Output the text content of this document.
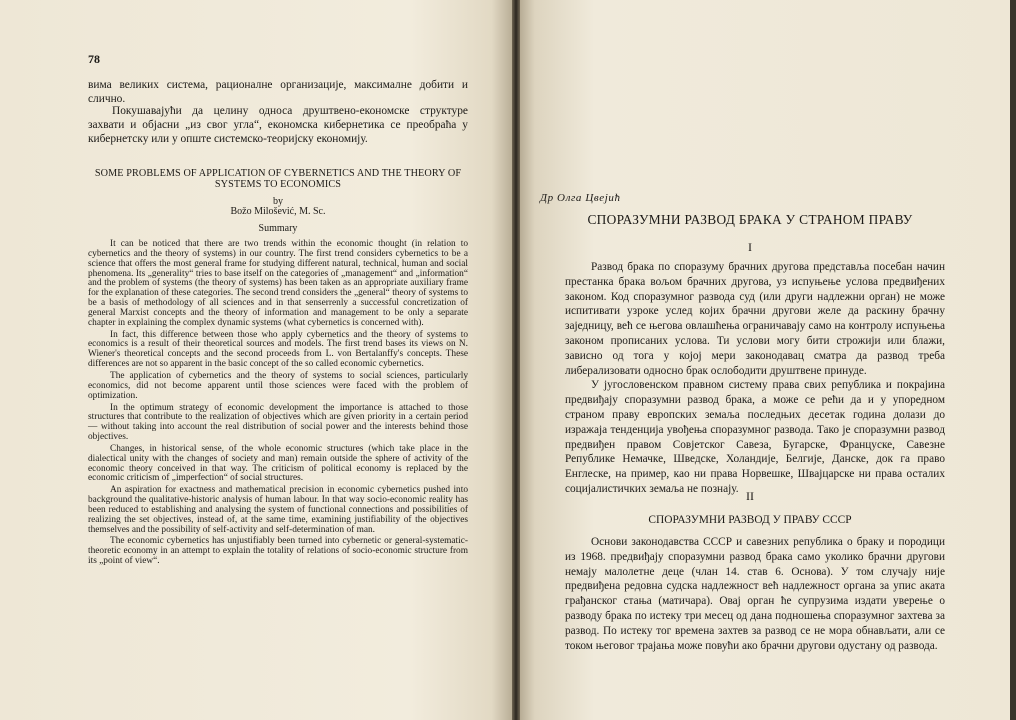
78

вима великих система, рационалне организације, максималне добити и слично.

Покушавајући да целину односа друштвено-економске структуре захвати и објасни „из свог угла“, економска кибернетика се преобраћа у кибернетску или у опште системско-теоријску економију.

SOME PROBLEMS OF APPLICATION OF CYBERNETICS AND THE THEORY OF SYSTEMS TO ECONOMICS
by
Božo Milošević, M. Sc.
Summary

It can be noticed that there are two trends within the economic thought (in relation to cybernetics and the theory of systems) in our country. The first trend considers cybernetics to be a science that offers the most general frame for studying different natural, technical, human and social phenomena. Its „generality“ tries to base itself on the categories of „management“ and „information“ and the problem of systems (the theory of systems) has been taken as an appropriate auxiliary frame for the explanation of these categories. The second trend considers the „general“ theory of systems to be a basis of methodology of all sciences and in that senserrenly a successful concretization of general Marxist concepts and the theory of information and management to be only a separate chapter in explaining the complex dynamic systems (what cybernetics is concerned with).

In fact, this difference between those who apply cybernetics and the theory of systems to economics is a result of their theoretical sources and models. The first trend bases its views on N. Wiener's theoretical concepts and the second proceeds from L. von Bertalanffy's concepts. These differences are not so apparent in the basic concept of the so called economic cybernetics.

The application of cybernetics and the theory of systems to social sciences, particularly economics, did not become apparent until those sciences were faced with the problem of optimization.

In the optimum strategy of economic development the importance is attached to those structures that contribute to the realization of objectives which are given priority in a certain period — without taking into account the real distribution of social power and the interests behind those objectives.

Changes, in historical sense, of the whole economic structures (which take place in the dialectical unity with the changes of society and man) remain outside the sphere of activity of the economic theory conceived in that way. The criticism of political economy is replaced by the economic criticism of „imperfection“ of social structures.

An aspiration for exactness and mathematical precision in economic cybernetics pushed into background the qualitative-historic analysis of human labour. In that way socio-economic reality has been reduced to establishing and analysing the system of functional connections and possibilities of realizing the set objectives, instead of, at the same time, examining justifiability of the objectives themselves and the possibility of self-activity and self-determination of man.

The economic cybernetics has unjustifiably been turned into cybernetic or general-systematic-theoretic economy in an attempt to explain the totality of relations of socio-economic structure from its „point of view“.

Др Олга Цвејић
СПОРАЗУМНИ РАЗВОД БРАКА У СТРАНОМ ПРАВУ
I

Развод брака по споразуму брачних другова представља посебан начин престанка брака вољом брачних другова, уз испуњење услова предвиђених законом. Код споразумног развода суд (или други надлежни орган) не може испитивати узроке услед којих брачни другови желе да раскину брачну заједницу, већ се његова овлашћења ограничавају само на контролу испуњења законом прописаних услова. Ти услови могу бити строжији или блажи, зависно од тога у којој мери законодавац сматра да развод треба либерализовати односно брак ослободити друштвене принуде.

У југословенском правном систему права свих република и покрајина предвиђају споразумни развод брака, а може се рећи да и у упоредном страном праву европских земаља последњих десетак година долази до изражаја тенденција увођења споразумног развода. Тако је споразумни развод предвиђен правом Совјетског Савеза, Бугарске, Француске, Савезне Републике Немачке, Шведске, Холандије, Белгије, Данске, док га право Енглеске, на пример, као ни права Норвешке, Швајцарске ни права осталих социјалистичких земаља не познају.

II
СПОРАЗУМНИ РАЗВОД У ПРАВУ СССР

Основи законодавства СССР и савезних република о браку и породици из 1968. предвиђају споразумни развод брака само уколико брачни другови немају малолетне деце (члан 14. став 6. Основа). У том случају није предвиђена редовна судска надлежност већ надлежност органа за упис аката грађанског стања (матичара). Овај орган ће супрузима издати уверење о разводу брака по истеку три месец од дана подношења споразумног захтева за развод. По истеку тог времена захтев за развод се не мора обнављати, али се током његовог трајања може повући ако брачни другови одустану од развода.
